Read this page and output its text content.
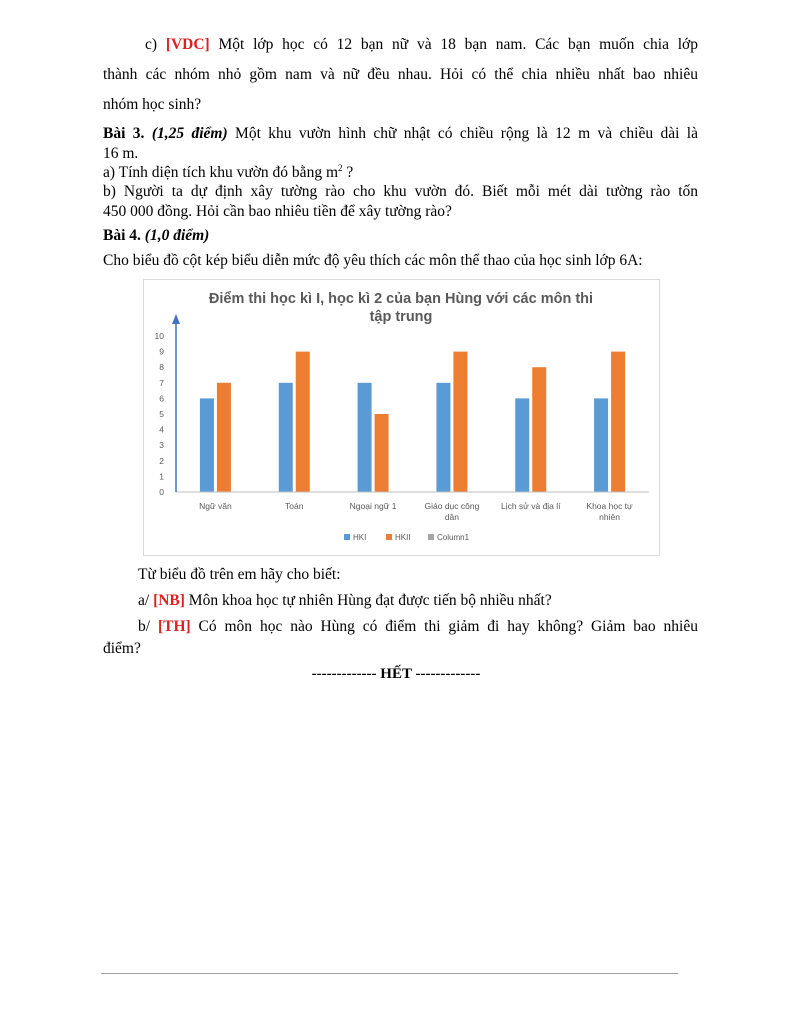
c) [VDC] Một lớp học có 12 bạn nữ và 18 bạn nam. Các bạn muốn chia lớp
thành các nhóm nhỏ gồm nam và nữ đều nhau. Hỏi có thể chia nhiều nhất bao nhiêu
nhóm học sinh?
Bài 3. (1,25 điểm) Một khu vườn hình chữ nhật có chiều rộng là 12 m và chiều dài là
16 m.
a) Tính diện tích khu vườn đó bằng $m^2$ ?
b) Người ta dự định xây tường rào cho khu vườn đó. Biết mỗi mét dài tường rào tốn
450 000 đồng. Hỏi cần bao nhiêu tiền để xây tường rào?
Bài 4. (1,0 điểm)
Cho biểu đồ cột kép biểu diễn mức độ yêu thích các môn thể thao của học sinh lớp 6A:
Điểm thi học kì I, học kì 2 của bạn Hùng với các môn thi
tập trung
0
1
2
3
4
5
6
7
8
9
10
Ngữ văn	Toán	Ngoại ngữ 1	Giáo dục công
dân
Lịch sử và địa lí	Khoa học tự
nhiên
HKI	HKII	Column1
Từ biểu đồ trên em hãy cho biết:
a/ [NB] Môn khoa học tự nhiên Hùng đạt được tiến bộ nhiều nhất?
b/ [TH] Có môn học nào Hùng có điểm thi giảm đi hay không? Giảm bao nhiêu
điểm?
------------- HẾT -------------
